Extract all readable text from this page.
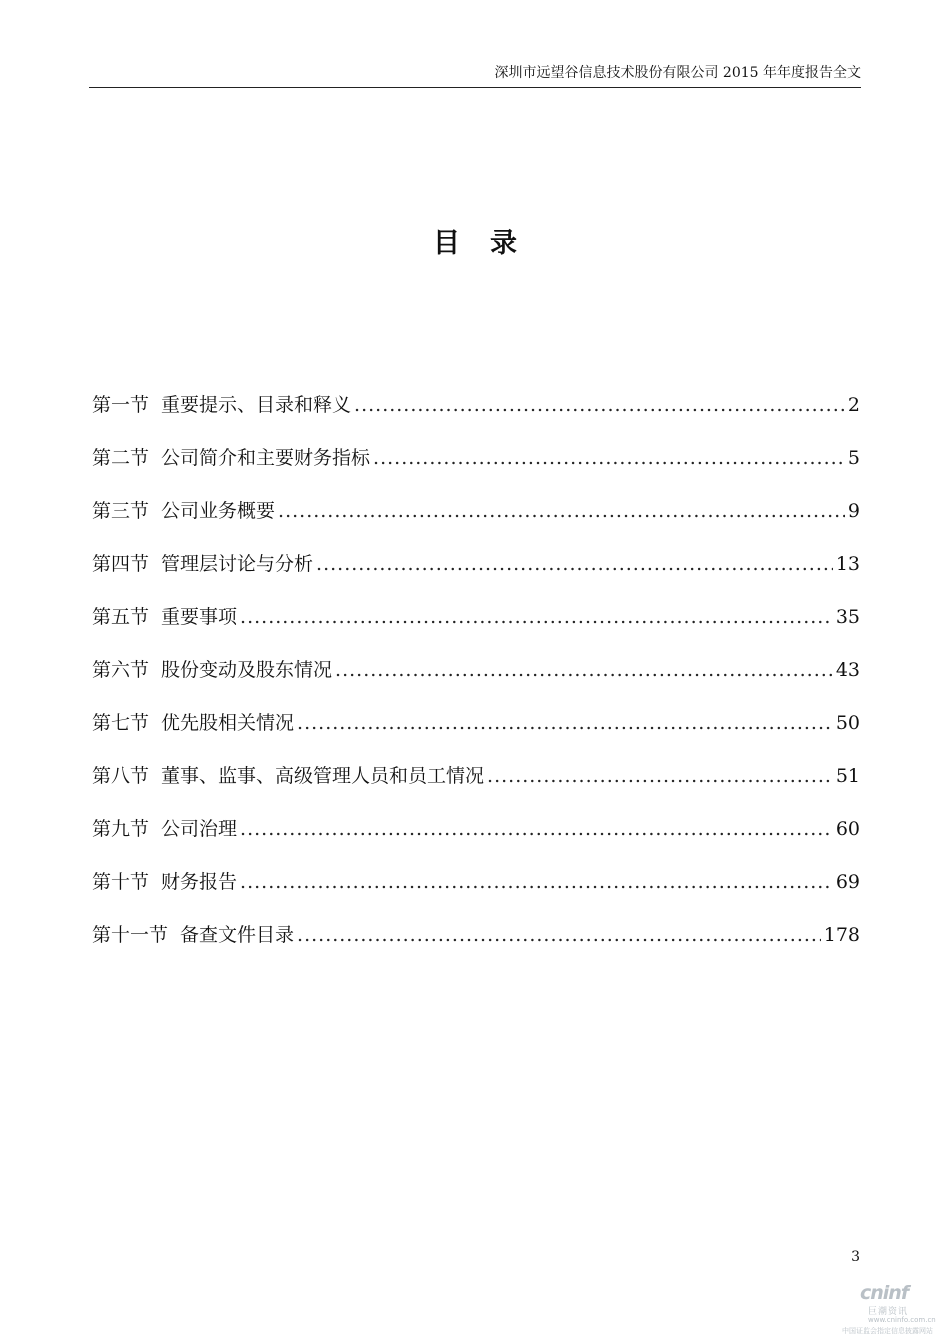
深圳市远望谷信息技术股份有限公司 2015 年年度报告全文
目录
第一节 重要提示、目录和释义 .....	2
第二节 公司简介和主要财务指标 .....	5
第三节 公司业务概要 .....	9
第四节 管理层讨论与分析 .....	13
第五节 重要事项 .....	35
第六节 股份变动及股东情况 .....	43
第七节 优先股相关情况 .....	50
第八节 董事、监事、高级管理人员和员工情况 .....	51
第九节 公司治理 .....	60
第十节 财务报告 .....	69
第十一节 备查文件目录 .....	178
3
cninf
巨潮资讯
www.cninfo.com.cn
中国证监会指定信息披露网站
